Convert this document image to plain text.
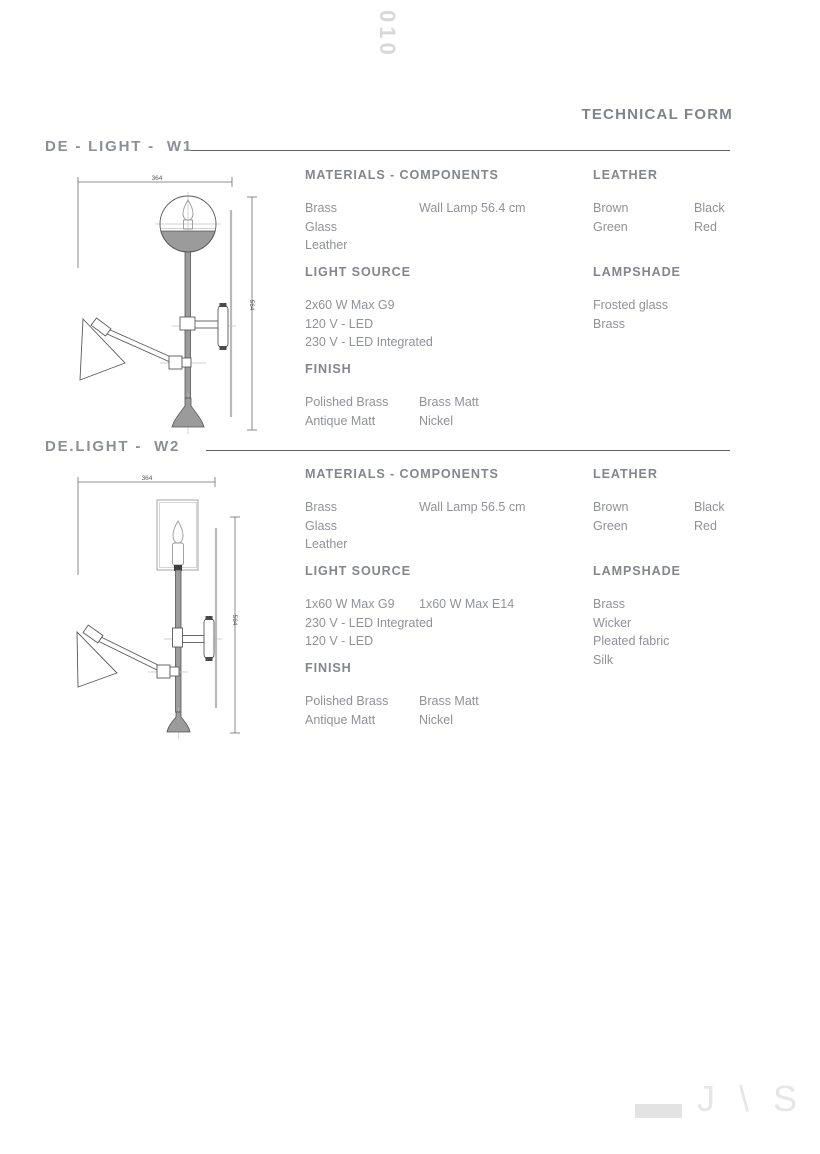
010
TECHNICAL FORM
DE - LIGHT -  W1
364
564
MATERIALS - COMPONENTS
Brass	Wall Lamp 56.4 cm
Glass
Leather
LEATHER
Brown	Black
Green	Red
LIGHT SOURCE
2x60 W Max G9
120 V - LED
230 V - LED Integrated
LAMPSHADE
Frosted glass
Brass
FINISH
Polished Brass	Brass Matt
Antique Matt	Nickel
DE.LIGHT -  W2
364
564
MATERIALS - COMPONENTS
Brass	Wall Lamp 56.5 cm
Glass
Leather
LEATHER
Brown	Black
Green	Red
LIGHT SOURCE
1x60 W Max G9	1x60 W Max E14
230 V - LED Integrated
120 V - LED
LAMPSHADE
Brass
Wicker
Pleated fabric
Silk
FINISH
Polished Brass	Brass Matt
Antique Matt	Nickel
J \ S
